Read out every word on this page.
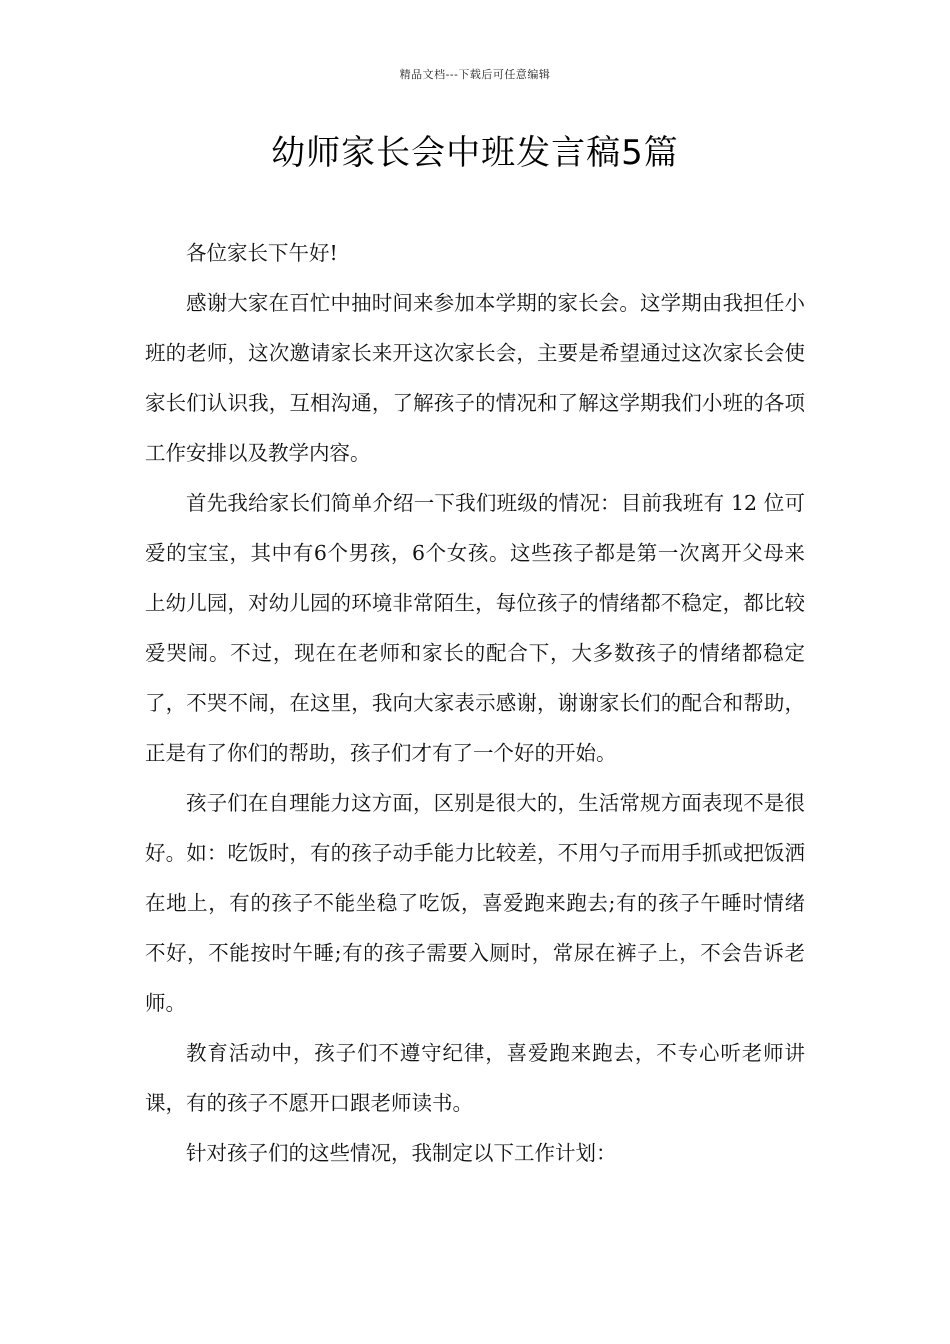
精品文档---下载后可任意编辑
幼师家长会中班发言稿5篇

各位家长下午好!

感谢大家在百忙中抽时间来参加本学期的家长会。这学期由我担任小班的老师，这次邀请家长来开这次家长会，主要是希望通过这次家长会使家长们认识我，互相沟通，了解孩子的情况和了解这学期我们小班的各项工作安排以及教学内容。

首先我给家长们简单介绍一下我们班级的情况：目前我班有 12 位可爱的宝宝，其中有6个男孩，6个女孩。这些孩子都是第一次离开父母来上幼儿园，对幼儿园的环境非常陌生，每位孩子的情绪都不稳定，都比较爱哭闹。不过，现在在老师和家长的配合下，大多数孩子的情绪都稳定了，不哭不闹，在这里，我向大家表示感谢，谢谢家长们的配合和帮助，正是有了你们的帮助，孩子们才有了一个好的开始。

孩子们在自理能力这方面，区别是很大的，生活常规方面表现不是很好。如：吃饭时，有的孩子动手能力比较差，不用勺子而用手抓或把饭洒在地上，有的孩子不能坐稳了吃饭，喜爱跑来跑去;有的孩子午睡时情绪不好，不能按时午睡;有的孩子需要入厕时，常尿在裤子上，不会告诉老师。

教育活动中，孩子们不遵守纪律，喜爱跑来跑去，不专心听老师讲课，有的孩子不愿开口跟老师读书。

针对孩子们的这些情况，我制定以下工作计划：
